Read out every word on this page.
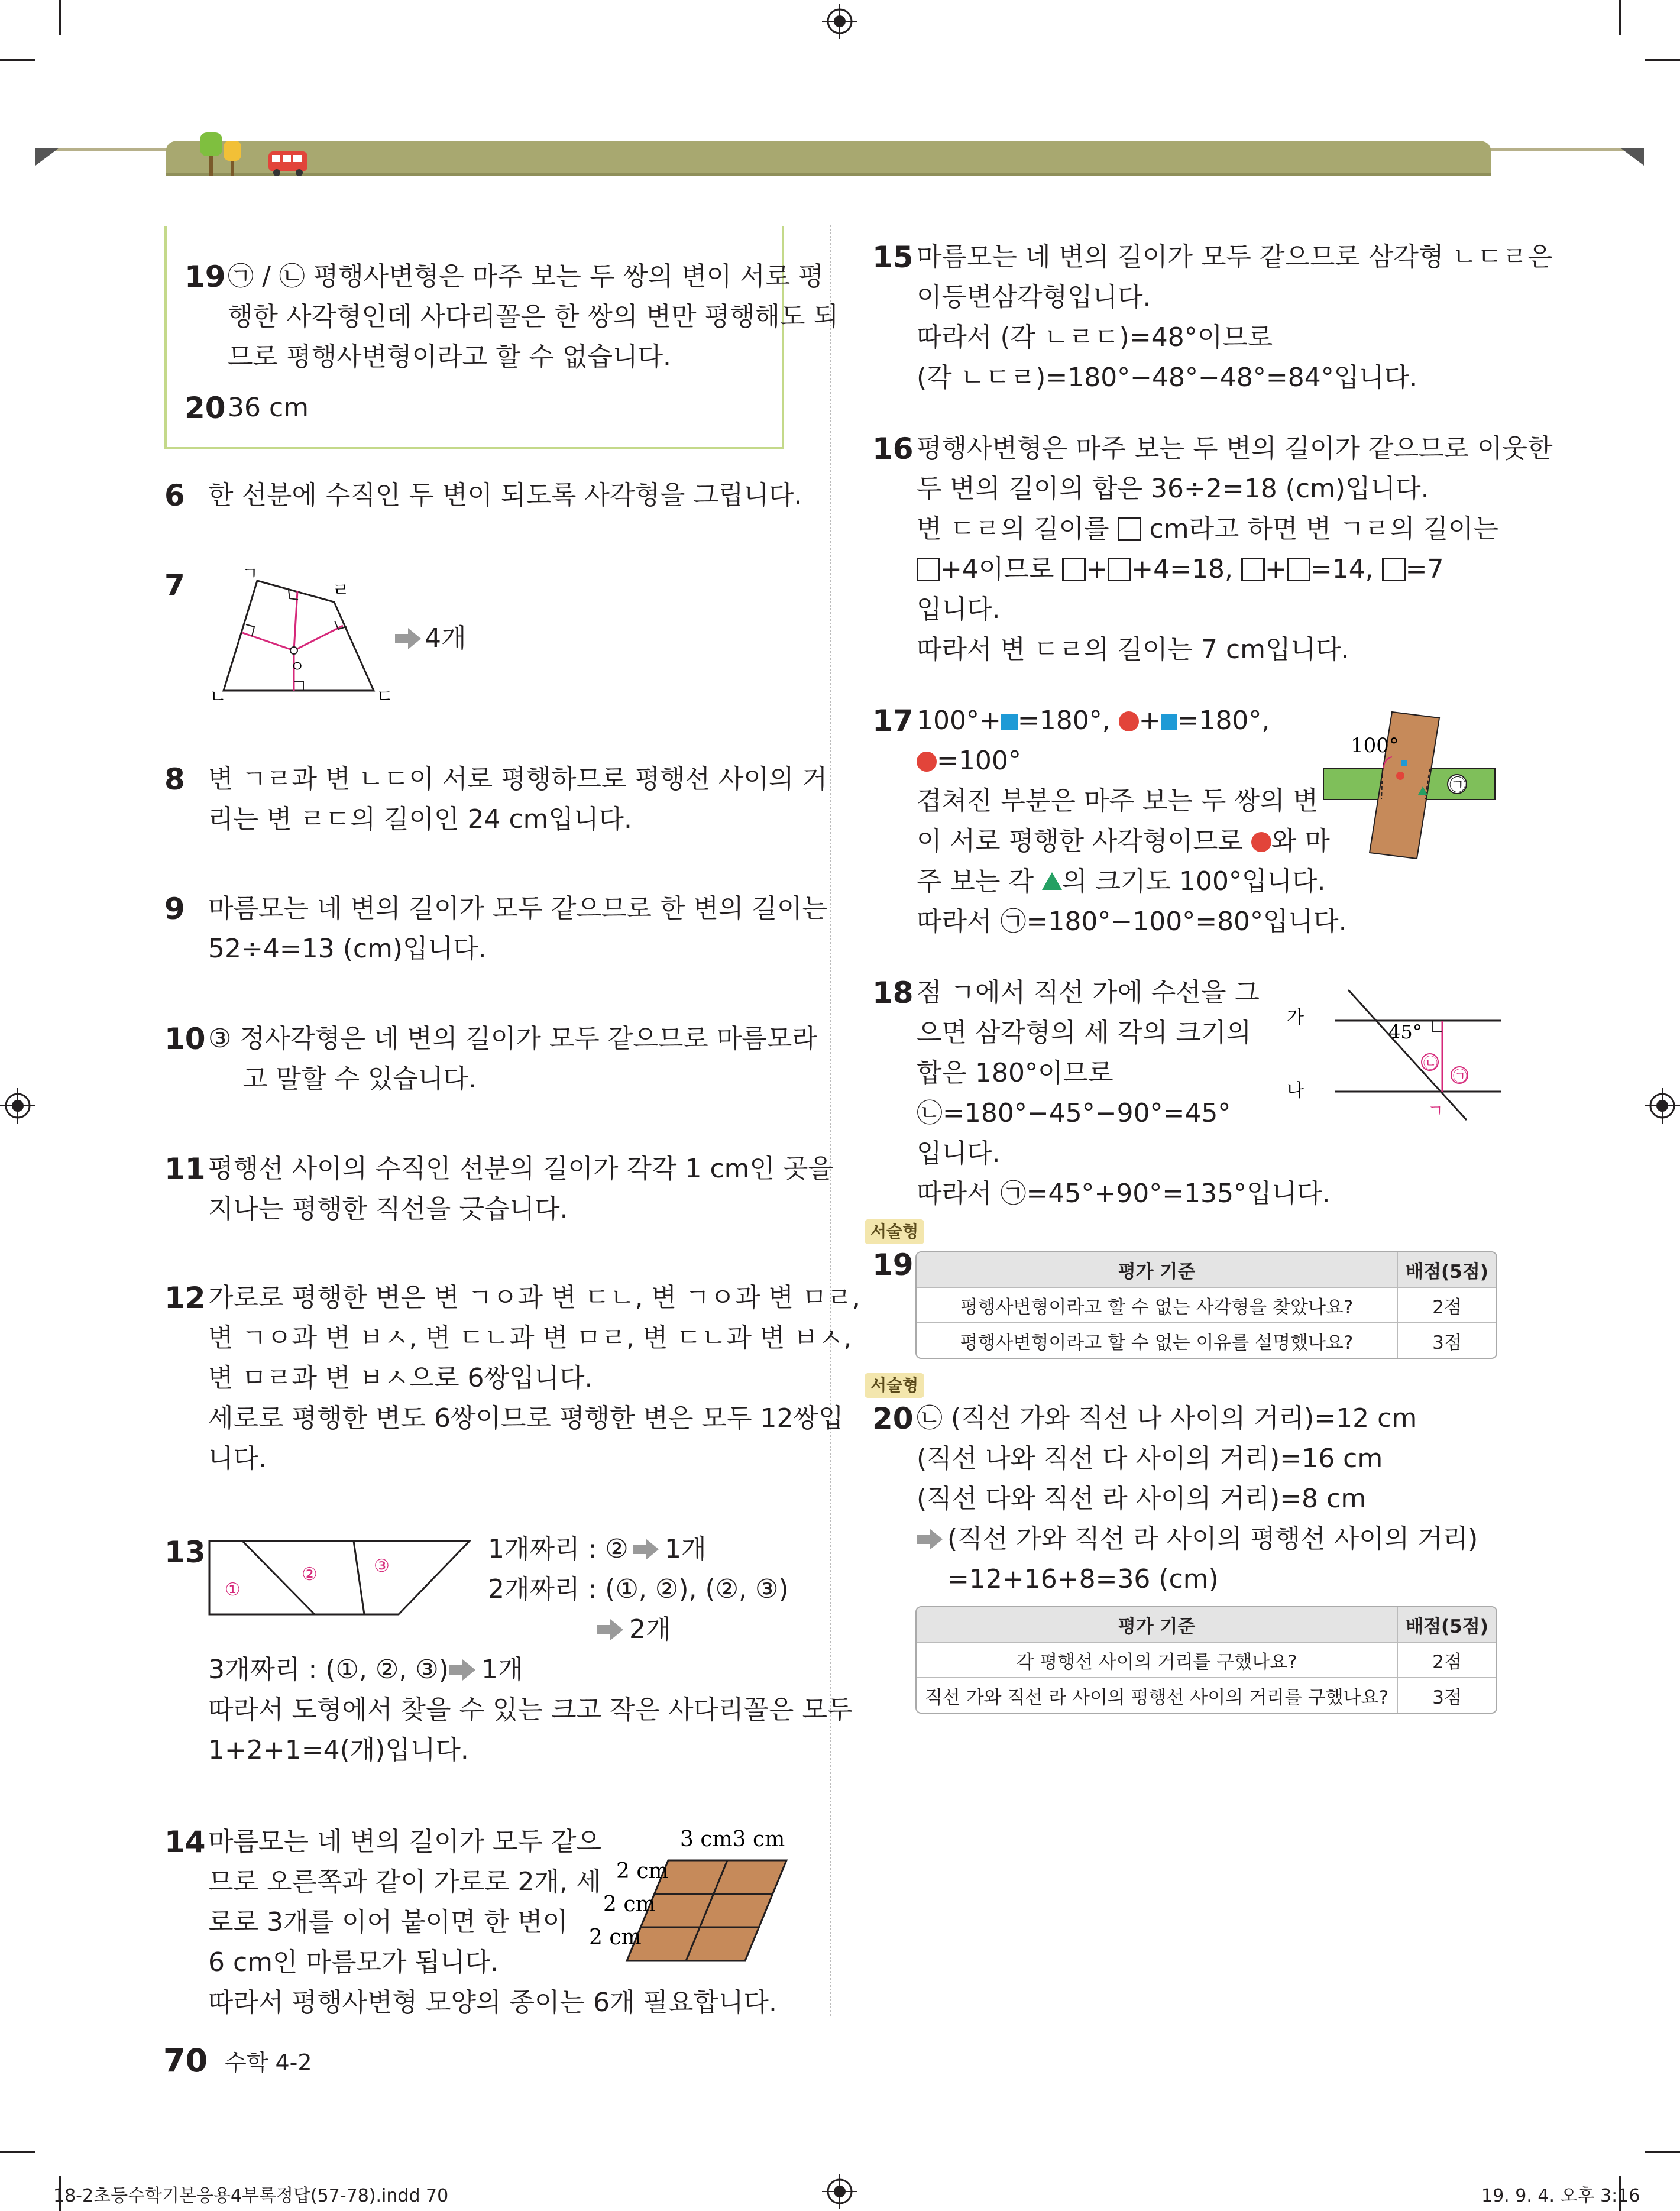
19 ㉠ / ㉡ 평행사변형은 마주 보는 두 쌍의 변이 서로 평
행한 사각형인데 사다리꼴은 한 쌍의 변만 평행해도 되
므로 평행사변형이라고 할 수 없습니다.
20 36 cm
6 한 선분에 수직인 두 변이 되도록 사각형을 그립니다.
7	ㄱ
ㄹ
ㄴ	ㄷ
ㅇ
4개
8 변 ㄱㄹ과 변 ㄴㄷ이 서로 평행하므로 평행선 사이의 거
리는 변 ㄹㄷ의 길이인 24 cm입니다.
9 마름모는 네 변의 길이가 모두 같으므로 한 변의 길이는
52÷4=13 (cm)입니다.
10 ③ 정사각형은 네 변의 길이가 모두 같으므로 마름모라
고 말할 수 있습니다.
11 평행선 사이의 수직인 선분의 길이가 각각 1 cm인 곳을
지나는 평행한 직선을 긋습니다.
12 가로로 평행한 변은 변 ㄱㅇ과 변 ㄷㄴ, 변 ㄱㅇ과 변 ㅁㄹ,
변 ㄱㅇ과 변 ㅂㅅ, 변 ㄷㄴ과 변 ㅁㄹ, 변 ㄷㄴ과 변 ㅂㅅ,
변 ㅁㄹ과 변 ㅂㅅ으로 6쌍입니다.
세로로 평행한 변도 6쌍이므로 평행한 변은 모두 12쌍입
니다.
13
①
②	③
1개짜리 : ② 1개
2개짜리 : (①, ②), (②, ③)
2개
3개짜리 : (①, ②, ③) 1개
따라서 도형에서 찾을 수 있는 크고 작은 사다리꼴은 모두
1+2+1=4(개)입니다.
14 마름모는 네 변의 길이가 모두 같으
므로 오른쪽과 같이 가로로 2개, 세
로로 3개를 이어 붙이면 한 변이
6 cm인 마름모가 됩니다.
따라서 평행사변형 모양의 종이는 6개 필요합니다.
3 cm3 cm
2 cm
2 cm
2 cm
15 마름모는 네 변의 길이가 모두 같으므로 삼각형 ㄴㄷㄹ은
이등변삼각형입니다.
따라서 (각 ㄴㄹㄷ)=48°이므로
(각 ㄴㄷㄹ)=180°−48°−48°=84°입니다.
16 평행사변형은 마주 보는 두 변의 길이가 같으므로 이웃한
두 변의 길이의 합은 36÷2=18 (cm)입니다.
변 ㄷㄹ의 길이를 cm라고 하면 변 ㄱㄹ의 길이는
+4이므로 + +4=18, + =14, =7
입니다.
따라서 변 ㄷㄹ의 길이는 7 cm입니다.
17 100°+ =180°, + =180°,
=100°
겹쳐진 부분은 마주 보는 두 쌍의 변
이 서로 평행한 사각형이므로 와 마
주 보는 각 의 크기도 100°입니다.
따라서 ㉠=180°−100°=80°입니다.
100°
㉠
18 점 ㄱ에서 직선 가에 수선을 그
으면 삼각형의 세 각의 크기의
합은 180°이므로
㉡=180°−45°−90°=45°
입니다.
따라서 ㉠=45°+90°=135°입니다.
가
나
45°
㉡
㉠
ㄱ
서술형
19	평가 기준	배점(5점)
평행사변형이라고 할 수 없는 사각형을 찾았나요?	2점
평행사변형이라고 할 수 없는 이유를 설명했나요?	3점
서술형
20 ㉡ (직선 가와 직선 나 사이의 거리)=12 cm
(직선 나와 직선 다 사이의 거리)=16 cm
(직선 다와 직선 라 사이의 거리)=8 cm
(직선 가와 직선 라 사이의 평행선 사이의 거리)
=12+16+8=36 (cm)
평가 기준	배점(5점)
각 평행선 사이의 거리를 구했나요?	2점
직선 가와 직선 라 사이의 평행선 사이의 거리를 구했나요?	3점
70 수학 4-2
18-2초등수학기본응용4부록정답(57-78).indd 70	19. 9. 4. 오후 3:16
